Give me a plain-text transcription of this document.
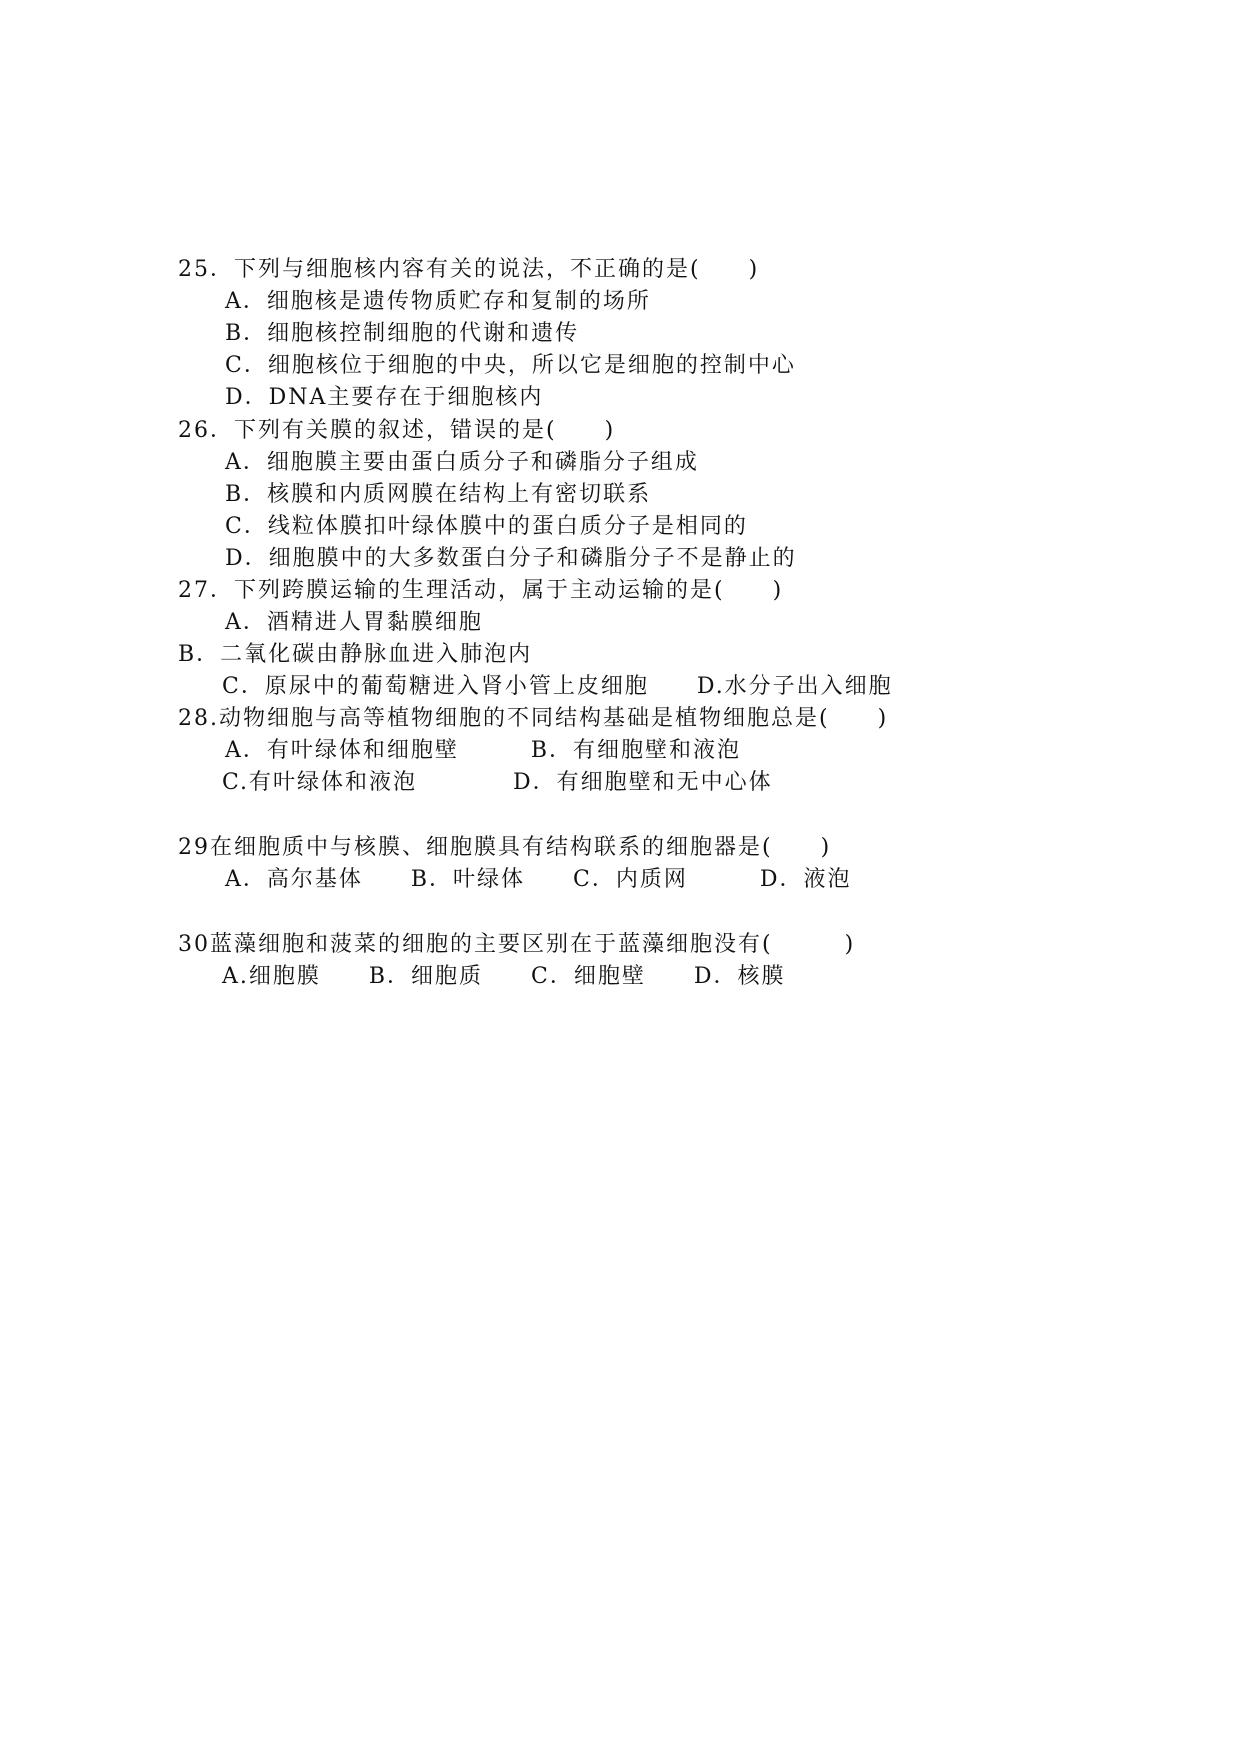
25．下列与细胞核内容有关的说法，不正确的是(　　)
A．细胞核是遗传物质贮存和复制的场所
B．细胞核控制细胞的代谢和遗传
C．细胞核位于细胞的中央，所以它是细胞的控制中心
D．DNA主要存在于细胞核内
26．下列有关膜的叙述，错误的是(　　)
A．细胞膜主要由蛋白质分子和磷脂分子组成
B．核膜和内质网膜在结构上有密切联系
C．线粒体膜扣叶绿体膜中的蛋白质分子是相同的
D．细胞膜中的大多数蛋白分子和磷脂分子不是静止的
27．下列跨膜运输的生理活动，属于主动运输的是(　　)
A．酒精进人胃黏膜细胞
B．二氧化碳由静脉血进入肺泡内
C．原尿中的葡萄糖进入肾小管上皮细胞　　D.水分子出入细胞
28.动物细胞与高等植物细胞的不同结构基础是植物细胞总是(　　)
A．有叶绿体和细胞壁　　　B．有细胞壁和液泡
C.有叶绿体和液泡　　　　D．有细胞壁和无中心体
29在细胞质中与核膜、细胞膜具有结构联系的细胞器是(　　)
A．高尔基体　　B．叶绿体　　C．内质网　　　D．液泡
30蓝藻细胞和菠菜的细胞的主要区别在于蓝藻细胞没有(　　　)
A.细胞膜　　B．细胞质　　C．细胞壁　　D．核膜
